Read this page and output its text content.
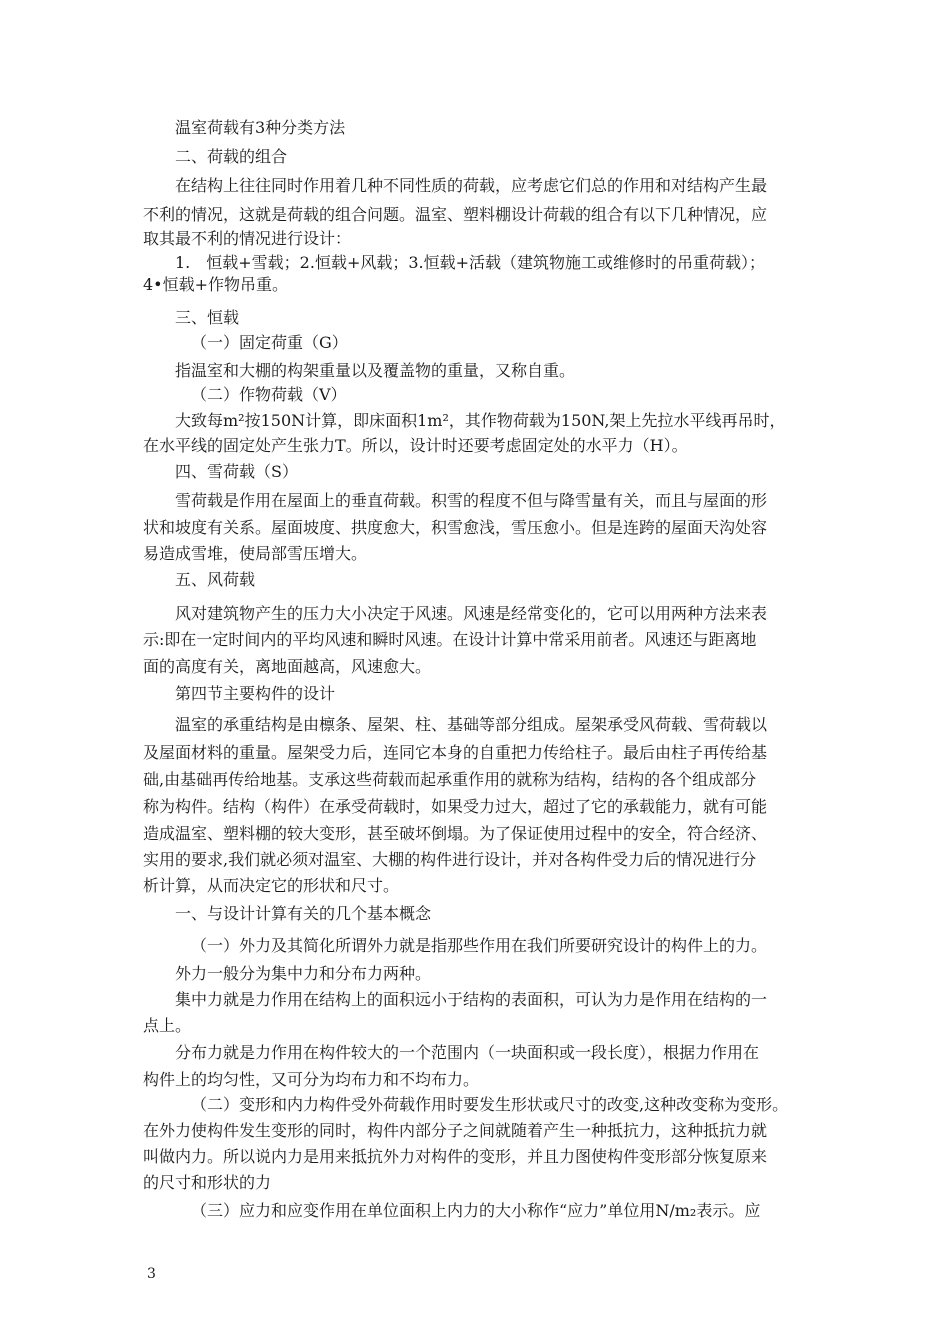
温室荷载有3种分类方法
二、荷载的组合
在结构上往往同时作用着几种不同性质的荷载，应考虑它们总的作用和对结构产生最
不利的情况，这就是荷载的组合问题。温室、塑料棚设计荷载的组合有以下几种情况，应
取其最不利的情况进行设计：
1.　恒载+雪载；2.恒载+风载；3.恒载+活载（建筑物施工或维修时的吊重荷载）；
4•恒载+作物吊重。
三、恒载
（一）固定荷重（G）
指温室和大棚的构架重量以及覆盖物的重量，又称自重。
（二）作物荷载（V）
大致每m²按150N计算，即床面积1m²，其作物荷载为150N,架上先拉水平线再吊时，
在水平线的固定处产生张力T。所以，设计时还要考虑固定处的水平力（H）。
四、雪荷载（S）
雪荷载是作用在屋面上的垂直荷载。积雪的程度不但与降雪量有关，而且与屋面的形
状和坡度有关系。屋面坡度、拱度愈大，积雪愈浅，雪压愈小。但是连跨的屋面天沟处容
易造成雪堆，使局部雪压增大。
五、风荷载
风对建筑物产生的压力大小决定于风速。风速是经常变化的，它可以用两种方法来表
示:即在一定时间内的平均风速和瞬时风速。在设计计算中常采用前者。风速还与距离地
面的高度有关，离地面越高，风速愈大。
第四节主要构件的设计
温室的承重结构是由檩条、屋架、柱、基础等部分组成。屋架承受风荷载、雪荷载以
及屋面材料的重量。屋架受力后，连同它本身的自重把力传给柱子。最后由柱子再传给基
础,由基础再传给地基。支承这些荷载而起承重作用的就称为结构，结构的各个组成部分
称为构件。结构（构件）在承受荷载时，如果受力过大，超过了它的承载能力，就有可能
造成温室、塑料棚的较大变形，甚至破坏倒塌。为了保证使用过程中的安全，符合经济、
实用的要求,我们就必须对温室、大棚的构件进行设计，并对各构件受力后的情况进行分
析计算，从而决定它的形状和尺寸。
一、与设计计算有关的几个基本概念
（一）外力及其简化所谓外力就是指那些作用在我们所要研究设计的构件上的力。
外力一般分为集中力和分布力两种。
集中力就是力作用在结构上的面积远小于结构的表面积，可认为力是作用在结构的一
点上。
分布力就是力作用在构件较大的一个范围内（一块面积或一段长度），根据力作用在
构件上的均匀性，又可分为均布力和不均布力。
（二）变形和内力构件受外荷载作用时要发生形状或尺寸的改变,这种改变称为变形。
在外力使构件发生变形的同时，构件内部分子之间就随着产生一种抵抗力，这种抵抗力就
叫做内力。所以说内力是用来抵抗外力对构件的变形，并且力图使构件变形部分恢复原来
的尺寸和形状的力
（三）应力和应变作用在单位面积上内力的大小称作“应力”单位用N/m₂表示。应
3
